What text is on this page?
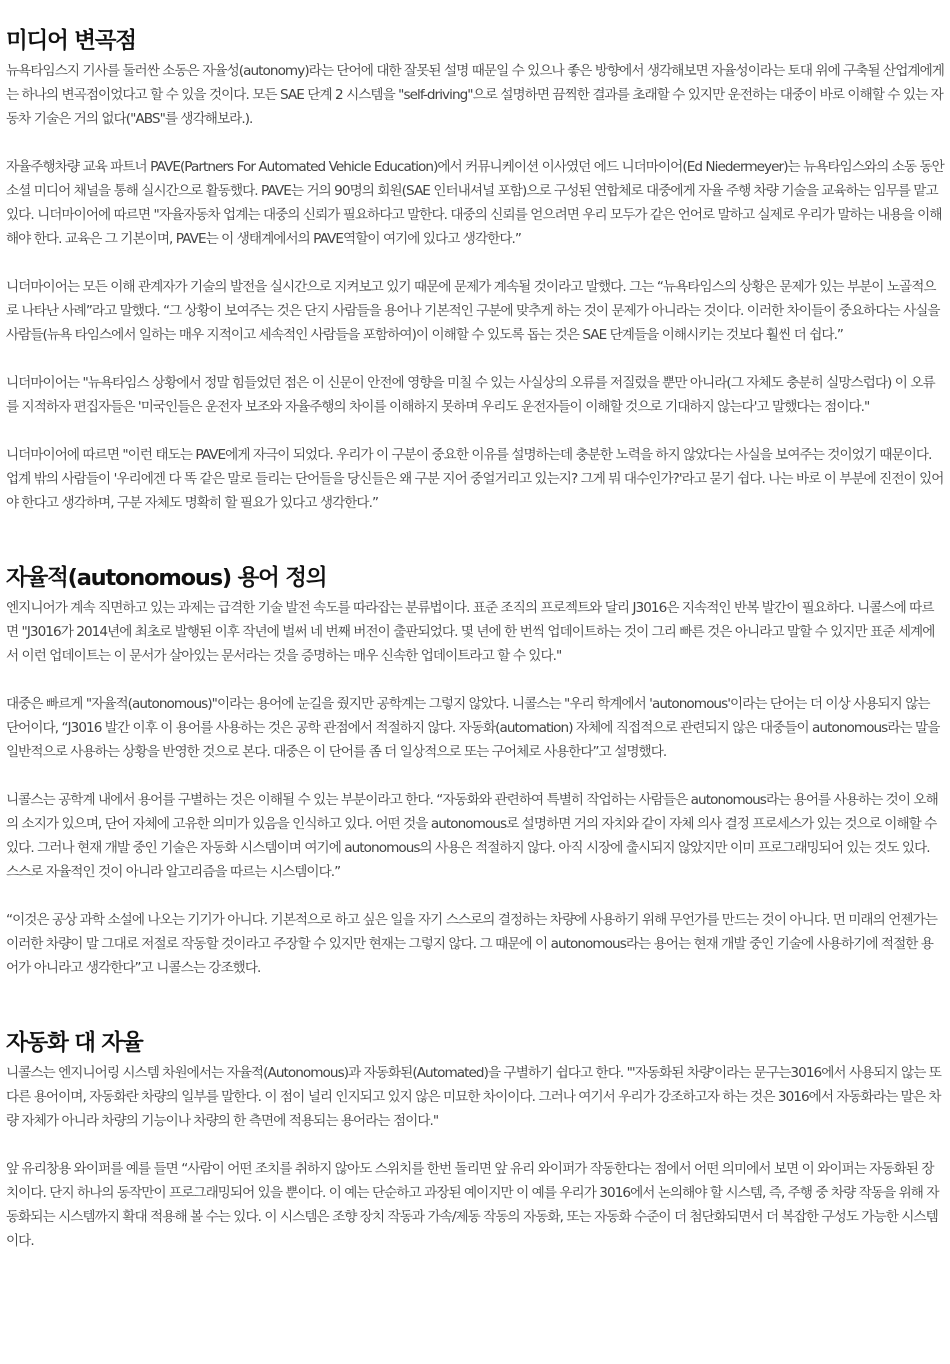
미디어 변곡점

뉴욕타임스지 기사를 둘러싼 소동은 자율성(autonomy)라는 단어에 대한 잘못된 설명 때문일 수 있으나 좋은 방향에서 생각해보면 자율성이라는 토대 위에 구축될 산업계에게는 하나의 변곡점이었다고 할 수 있을 것이다. 모든 SAE 단계 2 시스템을 "self-driving"으로 설명하면 끔찍한 결과를 초래할 수 있지만 운전하는 대중이 바로 이해할 수 있는 자동차 기술은 거의 없다("ABS"를 생각해보라.).

자율주행차량 교육 파트너 PAVE(Partners For Automated Vehicle Education)에서 커뮤니케이션 이사였던 에드 니더마이어(Ed Niedermeyer)는 뉴욕타임스와의 소동 동안 소셜 미디어 채널을 통해 실시간으로 활동했다. PAVE는 거의 90명의 회원(SAE 인터내셔널 포함)으로 구성된 연합체로 대중에게 자율 주행 차량 기술을 교육하는 임무를 맡고 있다. 니더마이어에 따르면 "자율자동차 업계는 대중의 신뢰가 필요하다고 말한다. 대중의 신뢰를 얻으려면 우리 모두가 같은 언어로 말하고 실제로 우리가 말하는 내용을 이해해야 한다. 교육은 그 기본이며, PAVE는 이 생태계에서의 PAVE역할이 여기에 있다고 생각한다.”

니더마이어는 모든 이해 관계자가 기술의 발전을 실시간으로 지켜보고 있기 때문에 문제가 계속될 것이라고 말했다. 그는 “뉴욕타임스의 상황은 문제가 있는 부분이 노골적으로 나타난 사례”라고 말했다. “그 상황이 보여주는 것은 단지 사람들을 용어나 기본적인 구분에 맞추게 하는 것이 문제가 아니라는 것이다. 이러한 차이들이 중요하다는 사실을 사람들(뉴욕 타임스에서 일하는 매우 지적이고 세속적인 사람들을 포함하여)이 이해할 수 있도록 돕는 것은 SAE 단계들을 이해시키는 것보다 훨씬 더 쉽다.”

니더마이어는 "뉴욕타임스 상황에서 정말 힘들었던 점은 이 신문이 안전에 영향을 미칠 수 있는 사실상의 오류를 저질렀을 뿐만 아니라(그 자체도 충분히 실망스럽다) 이 오류를 지적하자 편집자들은 '미국인들은 운전자 보조와 자율주행의 차이를 이해하지 못하며 우리도 운전자들이 이해할 것으로 기대하지 않는다'고 말했다는 점이다."

니더마이어에 따르면 "이런 태도는 PAVE에게 자극이 되었다. 우리가 이 구분이 중요한 이유를 설명하는데 충분한 노력을 하지 않았다는 사실을 보여주는 것이었기 때문이다. 업계 밖의 사람들이 '우리에겐 다 똑 같은 말로 들리는 단어들을 당신들은 왜 구분 지어 중얼거리고 있는지? 그게 뭐 대수인가?'라고 묻기 쉽다. 나는 바로 이 부분에 진전이 있어야 한다고 생각하며, 구분 자체도 명확히 할 필요가 있다고 생각한다.”

자율적(autonomous) 용어 정의

엔지니어가 계속 직면하고 있는 과제는 급격한 기술 발전 속도를 따라잡는 분류법이다. 표준 조직의 프로젝트와 달리 J3016은 지속적인 반복 발간이 필요하다. 니콜스에 따르면 "J3016가 2014년에 최초로 발행된 이후 작년에 벌써 네 번째 버전이 출판되었다. 몇 년에 한 번씩 업데이트하는 것이 그리 빠른 것은 아니라고 말할 수 있지만 표준 세계에서 이런 업데이트는 이 문서가 살아있는 문서라는 것을 증명하는 매우 신속한 업데이트라고 할 수 있다."

대중은 빠르게 "자율적(autonomous)"이라는 용어에 눈길을 줬지만 공학계는 그렇지 않았다. 니콜스는 "우리 학계에서 'autonomous'이라는 단어는 더 이상 사용되지 않는 단어이다, “J3016 발간 이후 이 용어를 사용하는 것은 공학 관점에서 적절하지 않다. 자동화(automation) 자체에 직접적으로 관련되지 않은 대중들이 autonomous라는 말을 일반적으로 사용하는 상황을 반영한 것으로 본다. 대중은 이 단어를 좀 더 일상적으로 또는 구어체로 사용한다”고 설명했다.

니콜스는 공학계 내에서 용어를 구별하는 것은 이해될 수 있는 부분이라고 한다. “자동화와 관련하여 특별히 작업하는 사람들은 autonomous라는 용어를 사용하는 것이 오해의 소지가 있으며, 단어 자체에 고유한 의미가 있음을 인식하고 있다. 어떤 것을 autonomous로 설명하면 거의 자치와 같이 자체 의사 결정 프로세스가 있는 것으로 이해할 수 있다. 그러나 현재 개발 중인 기술은 자동화 시스템이며 여기에 autonomous의 사용은 적절하지 않다. 아직 시장에 출시되지 않았지만 이미 프로그래밍되어 있는 것도 있다. 스스로 자율적인 것이 아니라 알고리즘을 따르는 시스템이다.”

“이것은 공상 과학 소설에 나오는 기기가 아니다. 기본적으로 하고 싶은 일을 자기 스스로의 결정하는 차량에 사용하기 위해 무언가를 만드는 것이 아니다. 먼 미래의 언젠가는 이러한 차량이 말 그대로 저절로 작동할 것이라고 주장할 수 있지만 현재는 그렇지 않다. 그 때문에 이 autonomous라는 용어는 현재 개발 중인 기술에 사용하기에 적절한 용어가 아니라고 생각한다”고 니콜스는 강조했다.

자동화 대 자율

니콜스는 엔지니어링 시스템 차원에서는 자율적(Autonomous)과 자동화된(Automated)을 구별하기 쉽다고 한다. "'자동화된 차량'이라는 문구는3016에서 사용되지 않는 또 다른 용어이며, 자동화란 차량의 일부를 말한다. 이 점이 널리 인지되고 있지 않은 미묘한 차이이다. 그러나 여기서 우리가 강조하고자 하는 것은 3016에서 자동화라는 말은 차량 자체가 아니라 차량의 기능이나 차량의 한 측면에 적용되는 용어라는 점이다."

앞 유리창용 와이퍼를 예를 들면 “사람이 어떤 조치를 취하지 않아도 스위치를 한번 돌리면 앞 유리 와이퍼가 작동한다는 점에서 어떤 의미에서 보면 이 와이퍼는 자동화된 장치이다. 단지 하나의 동작만이 프로그래밍되어 있을 뿐이다. 이 예는 단순하고 과장된 예이지만 이 예를 우리가 3016에서 논의해야 할 시스템, 즉, 주행 중 차량 작동을 위해 자동화되는 시스템까지 확대 적용해 볼 수는 있다. 이 시스템은 조향 장치 작동과 가속/제동 작동의 자동화, 또는 자동화 수준이 더 첨단화되면서 더 복잡한 구성도 가능한 시스템이다.
